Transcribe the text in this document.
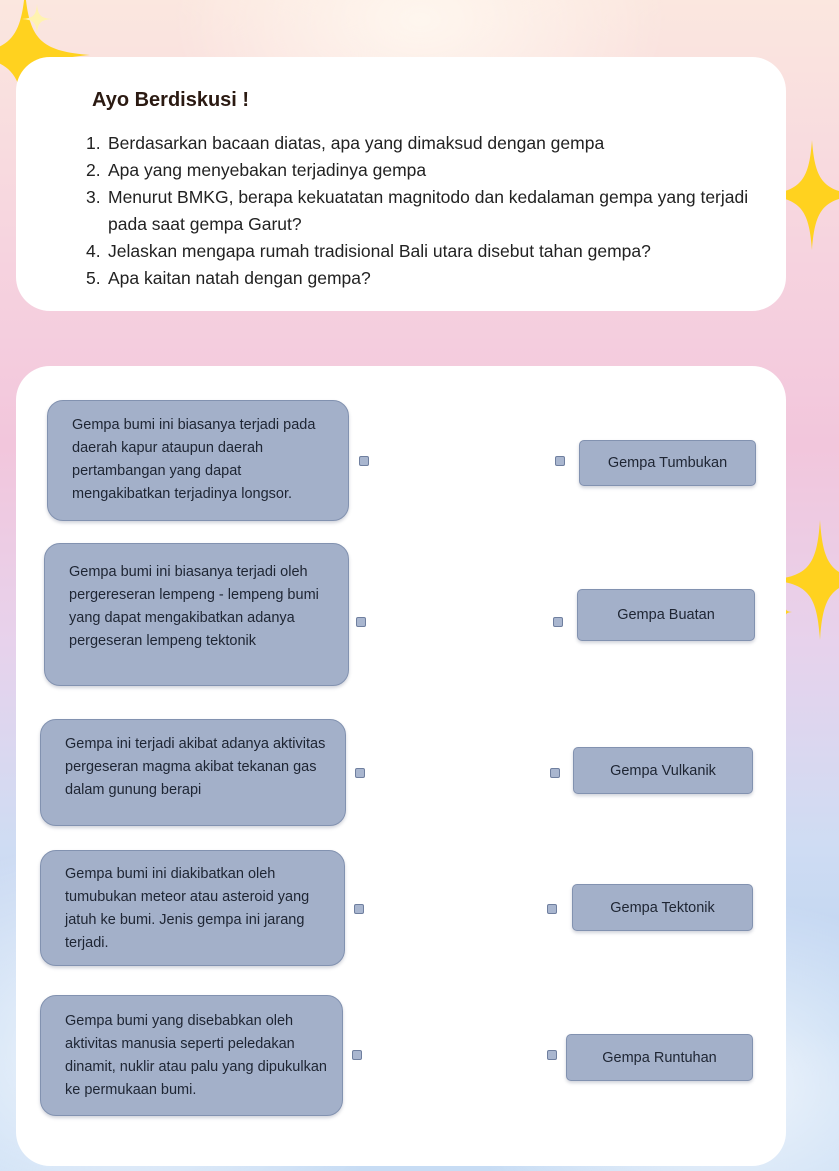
Ayo Berdiskusi !
1. Berdasarkan bacaan diatas, apa yang dimaksud dengan gempa
2. Apa yang menyebakan terjadinya gempa
3. Menurut BMKG, berapa kekuatatan magnitodo dan kedalaman gempa yang terjadi pada saat gempa Garut?
4. Jelaskan mengapa rumah tradisional Bali utara disebut tahan gempa?
5. Apa kaitan natah dengan gempa?
Gempa bumi ini biasanya terjadi pada daerah kapur ataupun daerah pertambangan yang dapat mengakibatkan terjadinya longsor.
Gempa Tumbukan
Gempa bumi ini biasanya terjadi oleh pergereseran lempeng - lempeng bumi yang dapat mengakibatkan adanya pergeseran lempeng tektonik
Gempa Buatan
Gempa ini terjadi akibat adanya aktivitas pergeseran magma akibat tekanan gas dalam gunung berapi
Gempa Vulkanik
Gempa bumi ini diakibatkan oleh tumubukan meteor atau asteroid yang jatuh ke bumi. Jenis gempa ini jarang terjadi.
Gempa Tektonik
Gempa bumi yang disebabkan oleh aktivitas manusia seperti peledakan dinamit, nuklir atau palu yang dipukulkan ke permukaan bumi.
Gempa Runtuhan
